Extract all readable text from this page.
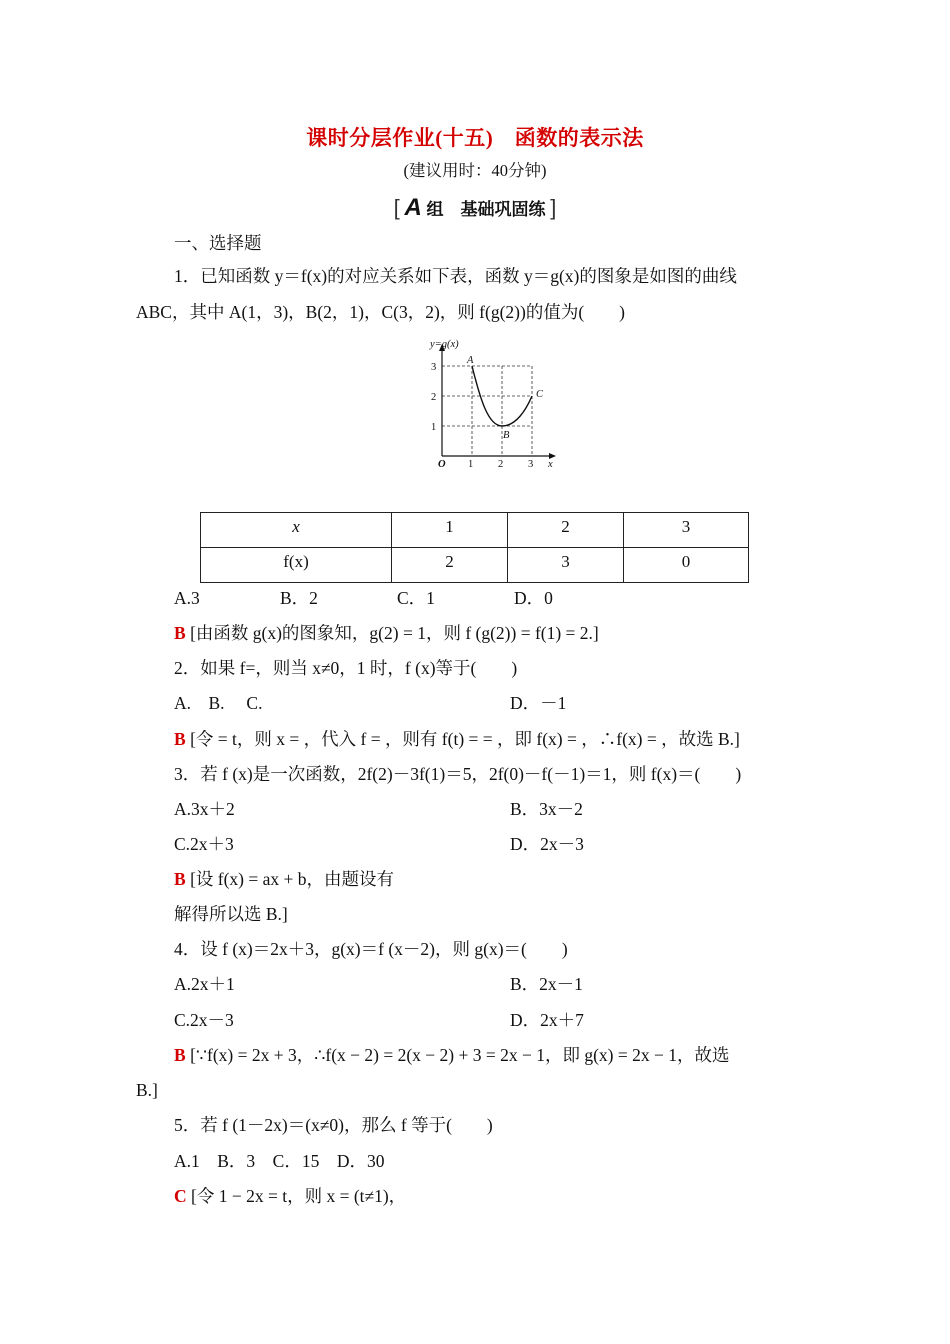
课时分层作业(十五)　函数的表示法
(建议用时：40分钟)
[ A 组　基础巩固练 ]
一、选择题
1．已知函数 y＝f(x)的对应关系如下表，函数 y＝g(x)的图象是如图的曲线
ABC，其中 A(1，3)，B(2，1)，C(3，2)，则 f(g(2))的值为(　　)
y=g(x)
3
2
1
O 1 2 3 x
A
B
C
x	1	2	3
f(x)	2	3	0
A.3	B．2	C．1	D．0
B [由函数 g(x)的图象知，g(2) = 1，则 f (g(2)) = f(1) = 2.]
2．如果 f=，则当 x≠0，1 时，f (x)等于(　　)
A.　B.　 C.	D．－1
B [令 = t，则 x = ，代入 f = ，则有 f(t) = = ，即 f(x) = ，∴f(x) = ，故选 B.]
3．若 f (x)是一次函数，2f(2)－3f(1)＝5，2f(0)－f(－1)＝1，则 f(x)＝(　　)
A.3x＋2	B．3x－2
C.2x＋3	D．2x－3
B [设 f(x) = ax + b，由题设有
解得所以选 B.]
4．设 f (x)＝2x＋3，g(x)＝f (x－2)，则 g(x)＝(　　)
A.2x＋1	B．2x－1
C.2x－3	D．2x＋7
B [∵f(x) = 2x + 3，∴f(x − 2) = 2(x − 2) + 3 = 2x − 1，即 g(x) = 2x − 1，故选
B.]
5．若 f (1－2x)＝(x≠0)，那么 f 等于(　　)
A.1　B．3　C．15　D．30
C [令 1 − 2x = t，则 x = (t≠1)，
